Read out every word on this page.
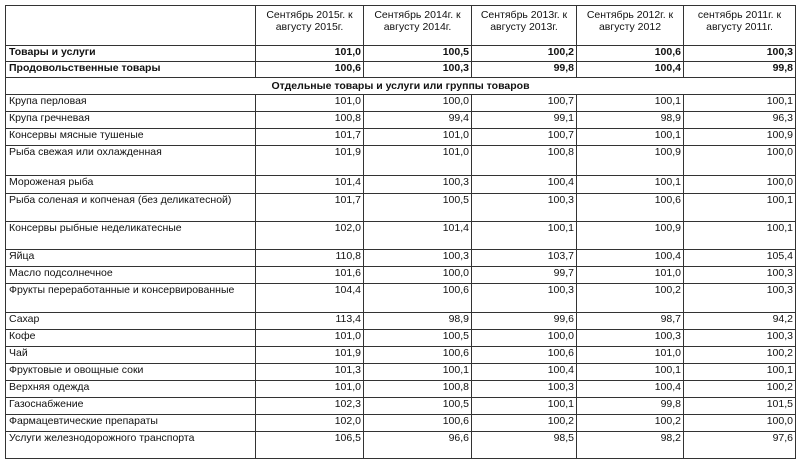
	Сентябрь 2015г. к августу 2015г.	Сентябрь 2014г. к августу 2014г.	Сентябрь 2013г. к августу 2013г.	Сентябрь 2012г. к августу 2012	сентябрь 2011г. к августу 2011г.
Товары и услуги	101,0	100,5	100,2	100,6	100,3
Продовольственные товары	100,6	100,3	99,8	100,4	99,8
Отдельные товары и услуги или группы товаров					
Крупа перловая	101,0	100,0	100,7	100,1	100,1
Крупа гречневая	100,8	99,4	99,1	98,9	96,3
Консервы мясные тушеные	101,7	101,0	100,7	100,1	100,9
Рыба свежая или охлажденная	101,9	101,0	100,8	100,9	100,0
Мороженая рыба	101,4	100,3	100,4	100,1	100,0
Рыба соленая и копченая (без деликатесной)	101,7	100,5	100,3	100,6	100,1
Консервы рыбные неделикатесные	102,0	101,4	100,1	100,9	100,1
Яйца	110,8	100,3	103,7	100,4	105,4
Масло подсолнечное	101,6	100,0	99,7	101,0	100,3
Фрукты переработанные и консервированные	104,4	100,6	100,3	100,2	100,3
Сахар	113,4	98,9	99,6	98,7	94,2
Кофе	101,0	100,5	100,0	100,3	100,3
Чай	101,9	100,6	100,6	101,0	100,2
Фруктовые и овощные соки	101,3	100,1	100,4	100,1	100,1
Верхняя одежда	101,0	100,8	100,3	100,4	100,2
Газоснабжение	102,3	100,5	100,1	99,8	101,5
Фармацевтические препараты	102,0	100,6	100,2	100,2	100,0
Услуги железнодорожного транспорта	106,5	96,6	98,5	98,2	97,6
